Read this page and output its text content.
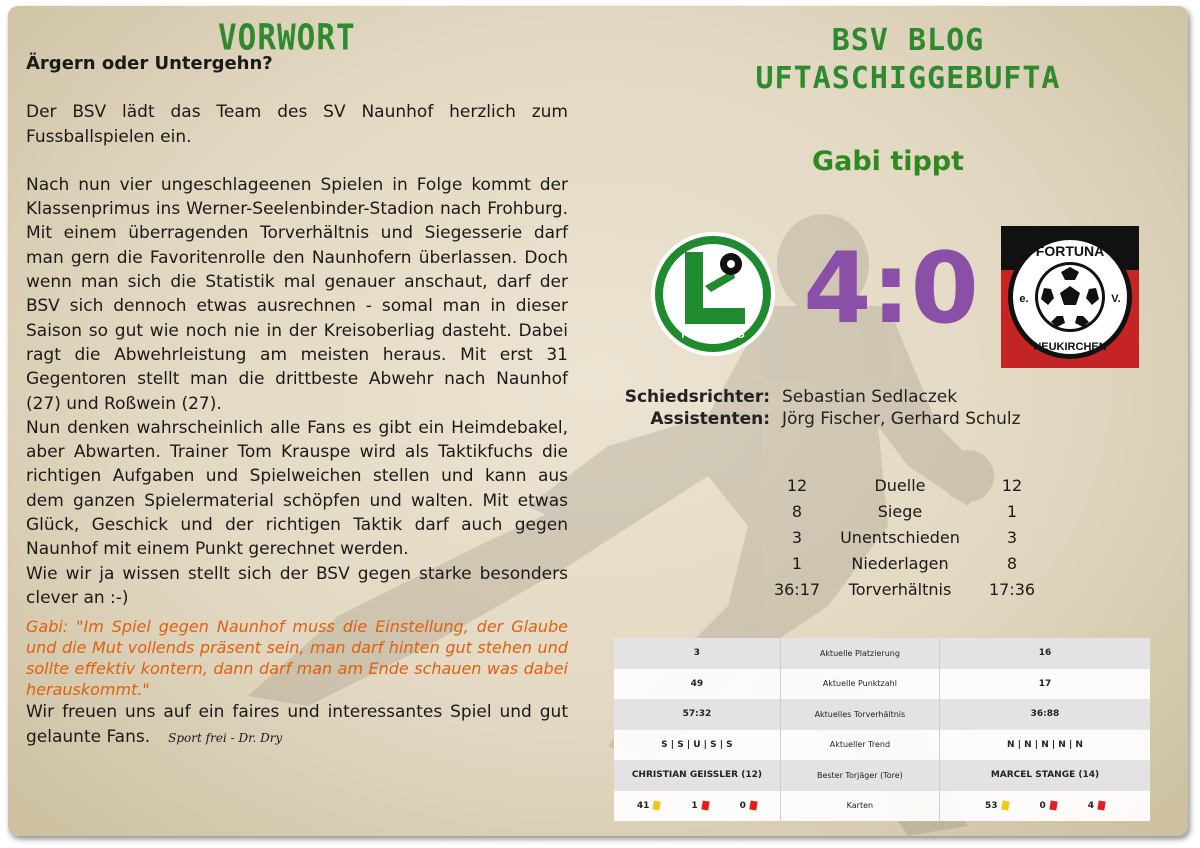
VORWORT
Ärgern oder Untergehn?

Der BSV lädt das Team des SV Naunhof herzlich zum Fussballspielen ein.

Nach nun vier ungeschlageenen Spielen in Folge kommt der Klassenprimus ins Werner-Seelenbinder-Stadion nach Frohburg. Mit einem überragenden Torverhältnis und Siegesserie darf man gern die Favoritenrolle den Naunhofern überlassen. Doch wenn man sich die Statistik mal genauer anschaut, darf der BSV sich dennoch etwas ausrechnen - somal man in dieser Saison so gut wie noch nie in der Kreisoberliag dasteht. Dabei ragt die Abwehrleistung am meisten heraus. Mit erst 31 Gegentoren stellt man die drittbeste Abwehr nach Naunhof (27) und Roßwein (27).

Nun denken wahrscheinlich alle Fans es gibt ein Heimdebakel, aber Abwarten. Trainer Tom Krauspe wird als Taktikfuchs die richtigen Aufgaben und Spielweichen stellen und kann aus dem ganzen Spielermaterial schöpfen und walten. Mit etwas Glück, Geschick und der richtigen Taktik darf auch gegen Naunhof mit einem Punkt gerechnet werden.

Wie wir ja wissen stellt sich der BSV gegen starke besonders clever an :-)

Gabi: "Im Spiel gegen Naunhof muss die Einstellung, der Glaube und die Mut vollends präsent sein, man darf hinten gut stehen und sollte effektiv kontern, dann darf man am Ende schauen was dabei herauskommt."

Wir freuen uns auf ein faires und interessantes Spiel und gut gelaunte Fans. Sport frei - Dr. Dry

BSV BLOG
UFTASCHIGGEBUFTA
Gabi tippt
FROHBURG 4:0	FORTUNA
NEUKIRCHEN
e.	V.
Schiedsrichter: Sebastian Sedlaczek
Assistenten: Jörg Fischer, Gerhard Schulz
12	Duelle	12
8	Siege	1
3	Unentschieden	3
1	Niederlagen	8
36:17	Torverhältnis	17:36
3	Aktuelle Platzierung	16
49	Aktuelle Punktzahl	17
57:32	Aktuelles Torverhältnis	36:88
S | S | U | S | S	Aktueller Trend	N | N | N | N | N
CHRISTIAN GEISSLER (12)	Bester Torjäger (Tore)	MARCEL STANGE (14)

41 1 0	Karten	53 0 4
